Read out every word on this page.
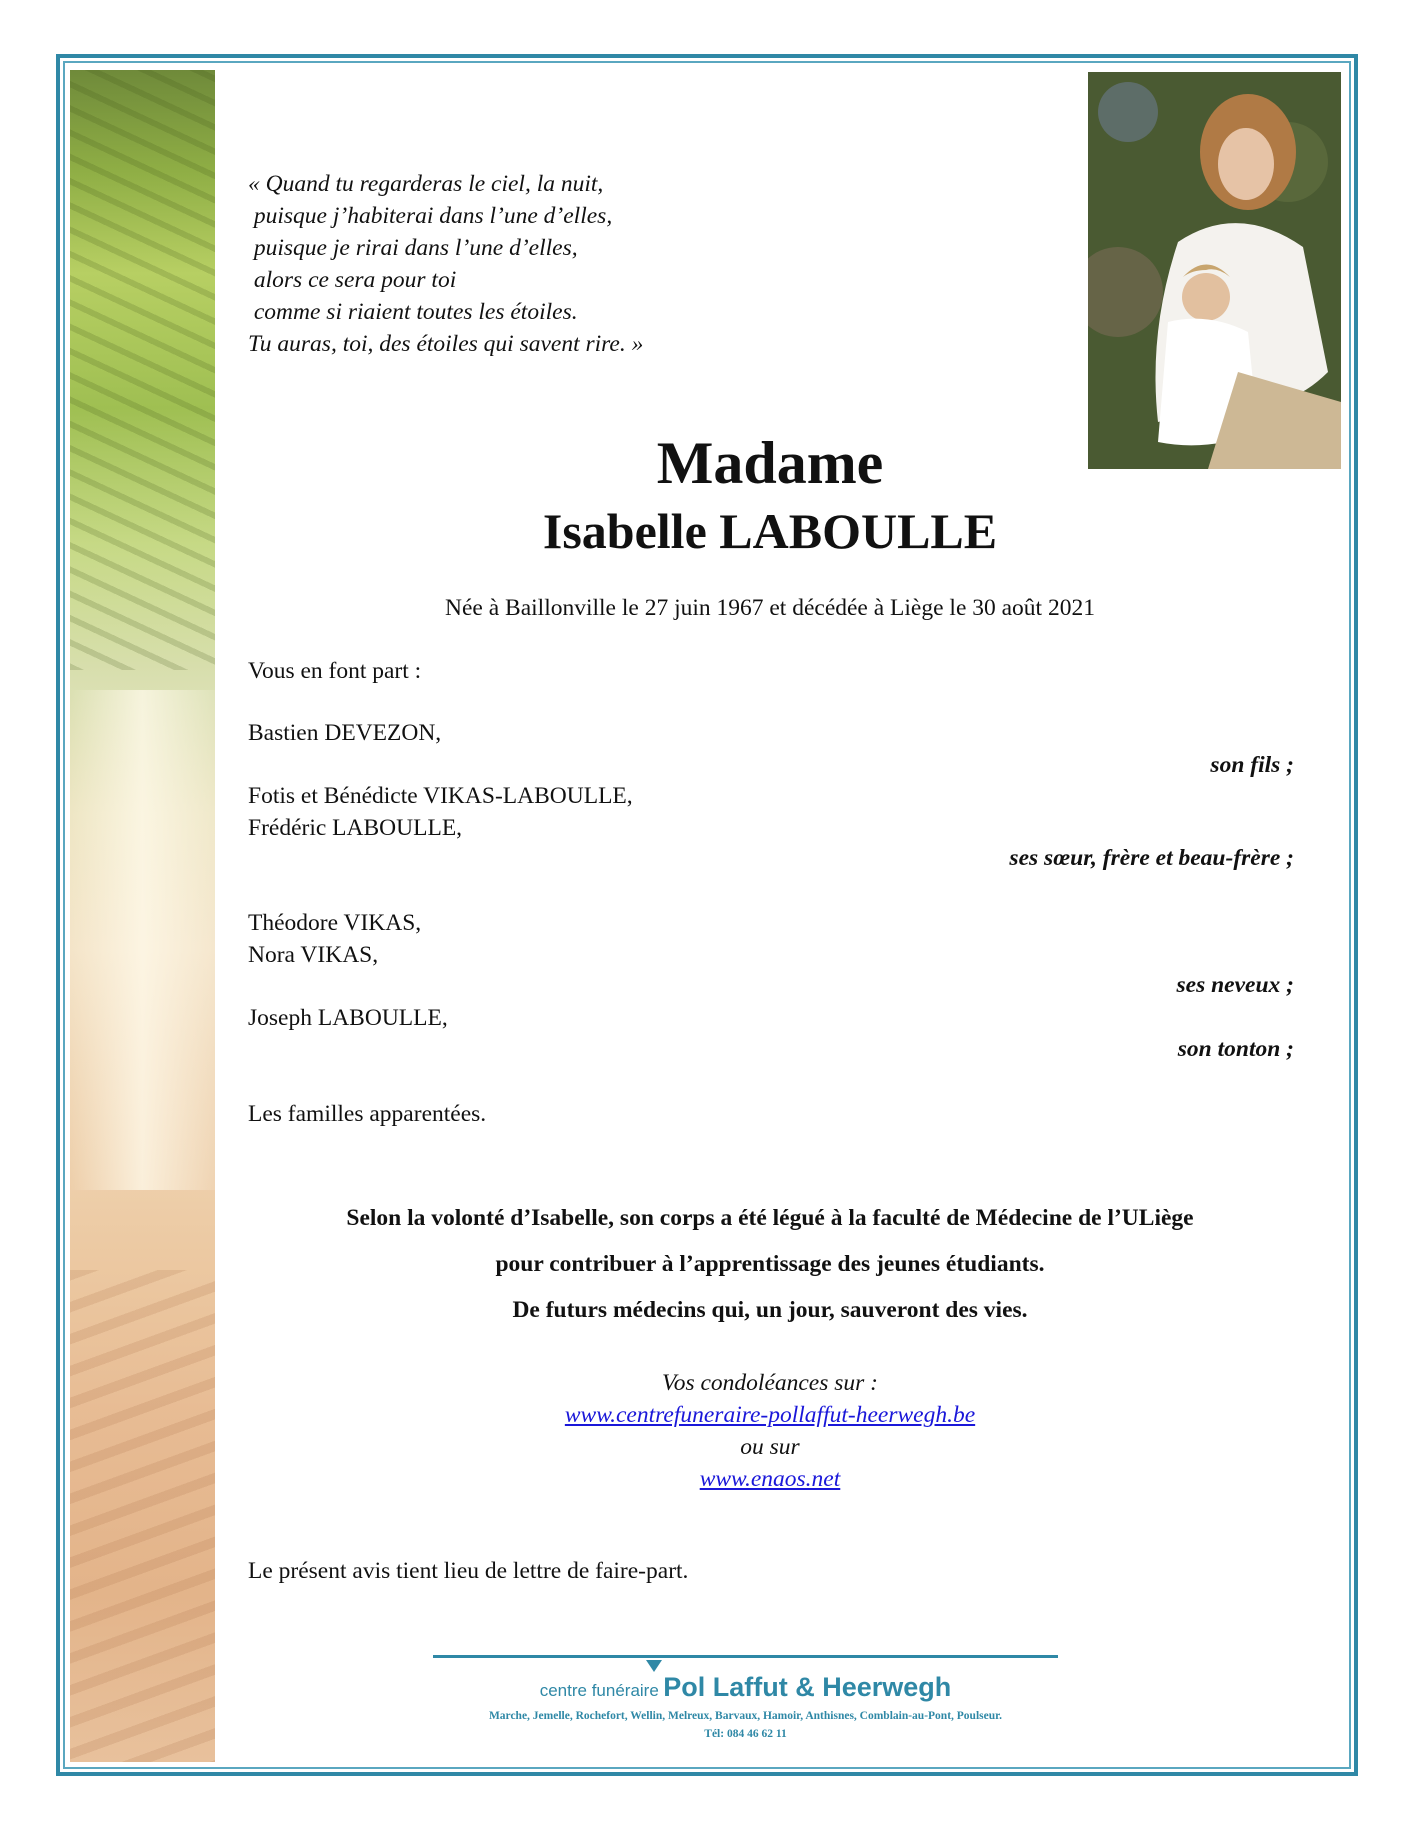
« Quand tu regarderas le ciel, la nuit,
puisque j’habiterai dans l’une d’elles,
puisque je rirai dans l’une d’elles,
alors ce sera pour toi
comme si riaient toutes les étoiles.
Tu auras, toi, des étoiles qui savent rire. »
Madame
Isabelle LABOULLE
Née à Baillonville le 27 juin 1967 et décédée à Liège le 30 août 2021
Vous en font part :
Bastien DEVEZON,
son fils ;
Fotis et Bénédicte VIKAS-LABOULLE,
Frédéric LABOULLE,
ses sœur, frère et beau-frère ;
Théodore VIKAS,
Nora VIKAS,
ses neveux ;
Joseph LABOULLE,
son tonton ;
Les familles apparentées.
Selon la volonté d’Isabelle, son corps a été légué à la faculté de Médecine de l’ULiège
pour contribuer à l’apprentissage des jeunes étudiants.
De futurs médecins qui, un jour, sauveront des vies.
Vos condoléances sur :
www.centrefuneraire-pollaffut-heerwegh.be
ou sur
www.enaos.net
Le présent avis tient lieu de lettre de faire-part.
centre funéraire Pol Laffut & Heerwegh
Marche, Jemelle, Rochefort, Wellin, Melreux, Barvaux, Hamoir, Anthisnes, Comblain-au-Pont, Poulseur.
Tél: 084 46 62 11
